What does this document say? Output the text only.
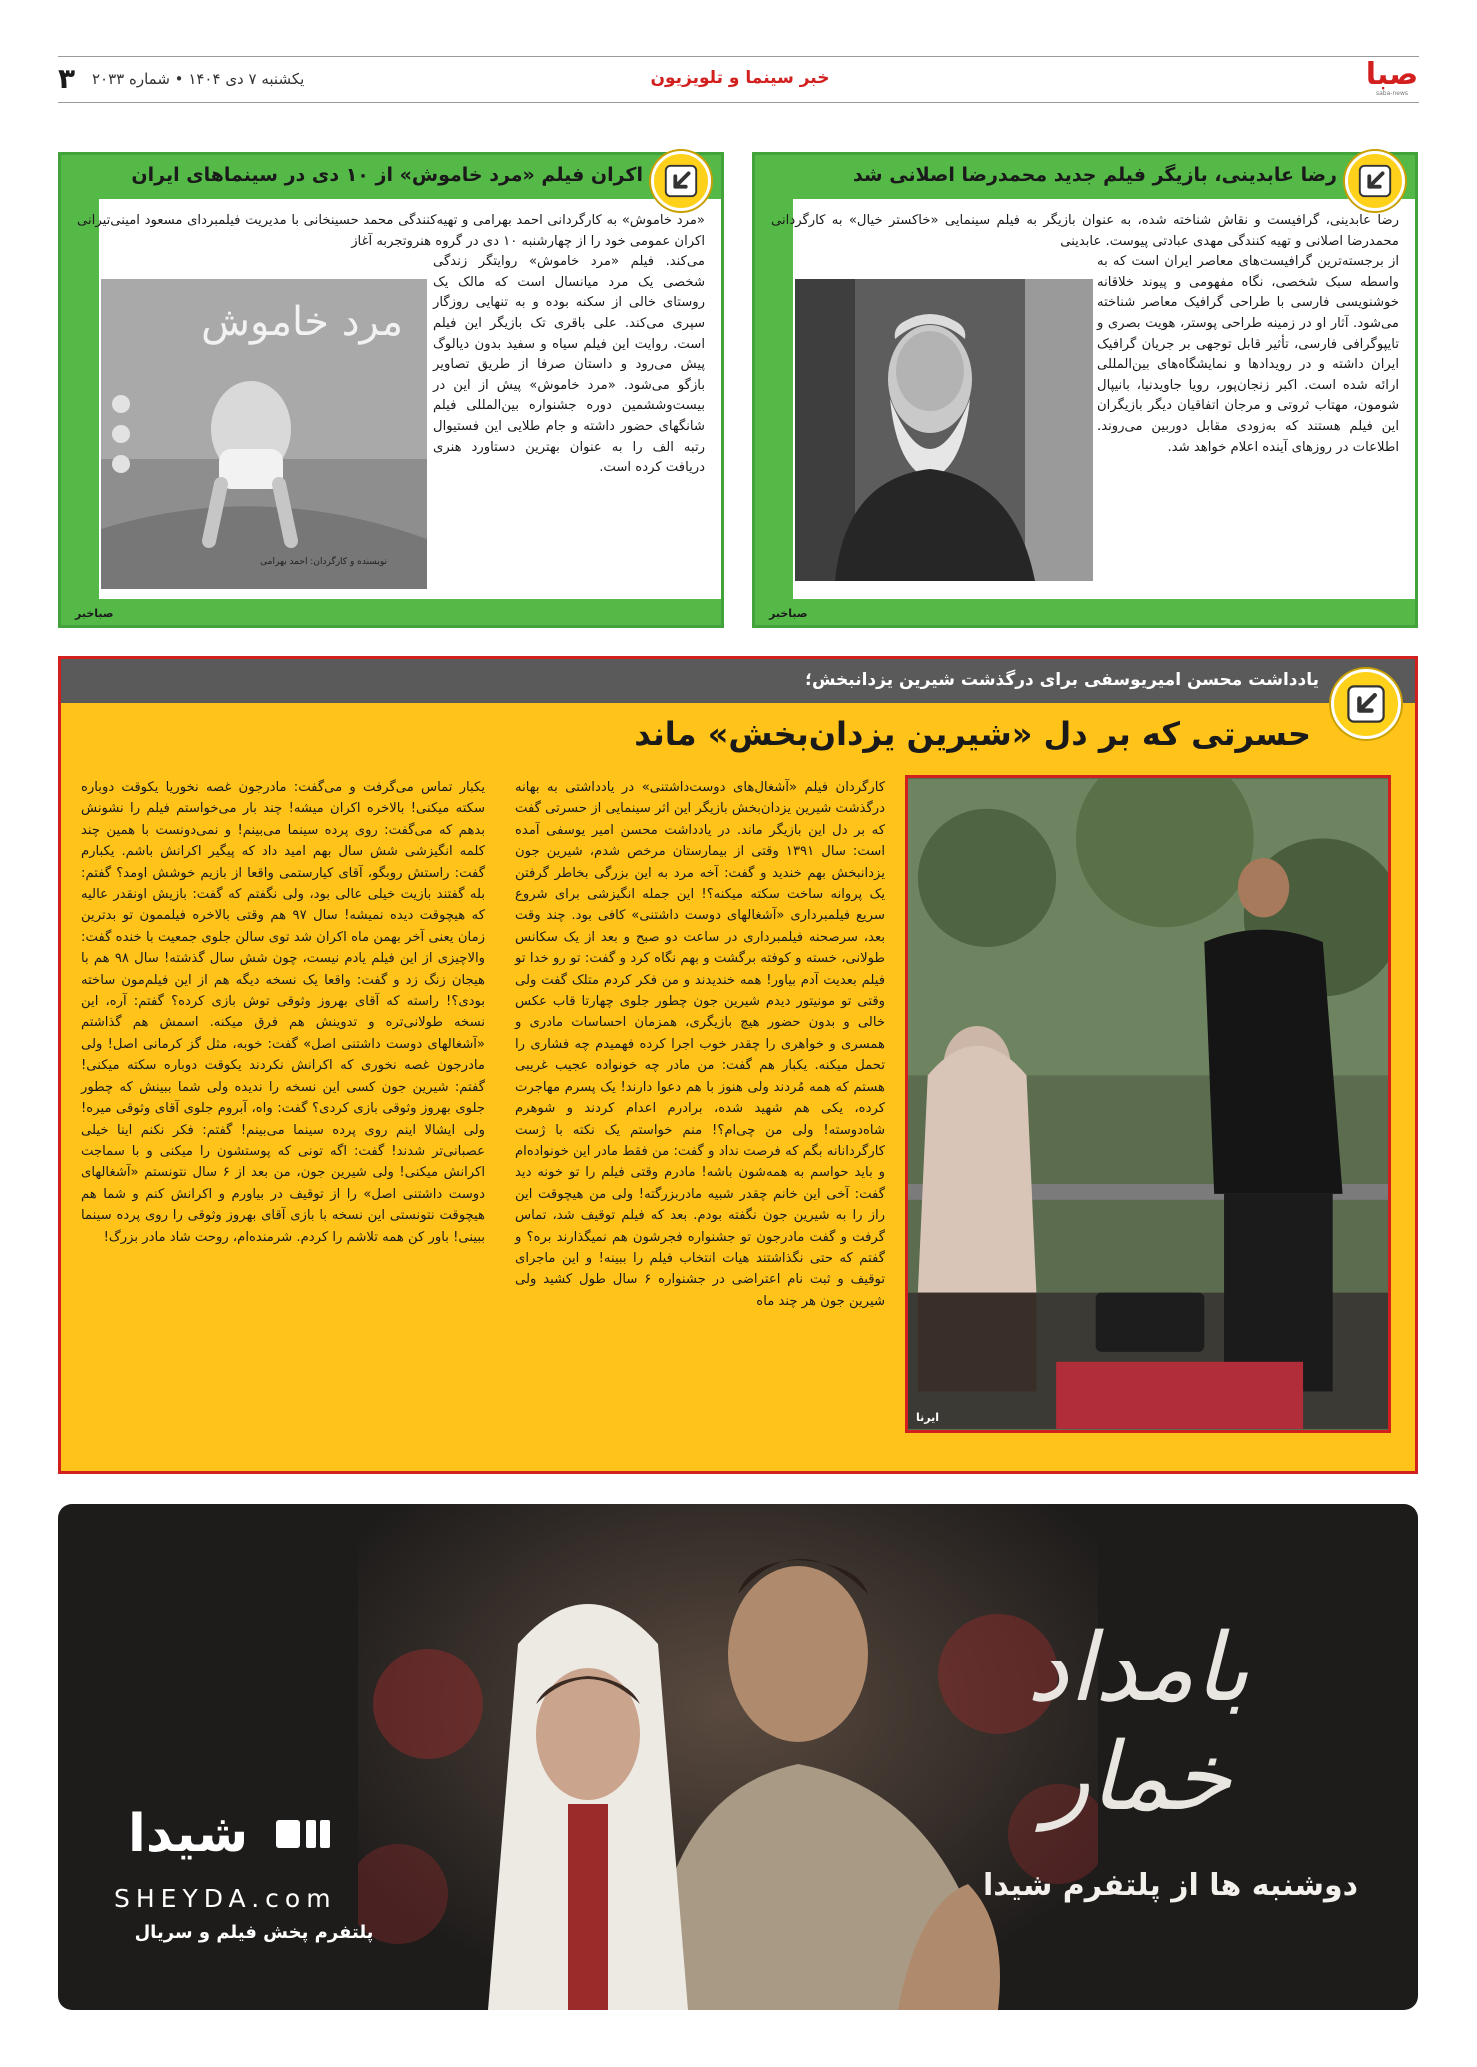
۳ یکشنبه ۷ دی ۱۴۰۴ • شماره ۲۰۳۳	خبر سینما و تلویزیون	صبا
saba-news
رضا عابدینی، بازیگر فیلم جدید محمدرضا اصلانی شد

رضا عابدینی، گرافیست و نقاش شناخته شده، به عنوان بازیگر به فیلم سینمایی «خاکستر خیال» به کارگردانی محمدرضا اصلانی و تهیه کنندگی مهدی عبادتی پیوست. عابدینی

از برجسته‌ترین گرافیست‌های معاصر ایران است که به واسطه سبک شخصی، نگاه مفهومی و پیوند خلاقانه خوشنویسی فارسی با طراحی گرافیک معاصر شناخته می‌شود. آثار او در زمینه طراحی پوستر، هویت بصری و تایپوگرافی فارسی، تأثیر قابل توجهی بر جریان گرافیک ایران داشته و در رویدادها و نمایشگاه‌های بین‌المللی ارائه شده است. اکبر زنجان‌پور، رویا جاویدنیا، بانیپال شومون، مهتاب ثروتی و مرجان اتفاقیان دیگر بازیگران این فیلم هستند که به‌زودی مقابل دوربین می‌روند. اطلاعات در روزهای آینده اعلام خواهد شد.

صباخبر
اکران فیلم «مرد خاموش» از ۱۰ دی در سینماهای ایران

«مرد خاموش» به کارگردانی احمد بهرامی و تهیه‌کنندگی محمد حسینخانی با مدیریت فیلمبردای مسعود امینی‌تیرانی اکران عمومی خود را از چهارشنبه ۱۰ دی در گروه هنروتجربه آغاز

می‌کند. فیلم «مرد خاموش» روایتگر زندگی شخصی یک مرد میانسال است که مالک یک روستای خالی از سکنه بوده و به تنهایی روزگار سپری می‌کند. علی باقری تک بازیگر این فیلم است. روایت این فیلم سیاه و سفید بدون دیالوگ پیش می‌رود و داستان صرفا از طریق تصاویر بازگو می‌شود. «مرد خاموش» پیش از این در بیست‌وششمین دوره جشنواره بین‌المللی فیلم شانگهای حضور داشته و جام طلایی این فستیوال رتبه الف را به عنوان بهترین دستاورد هنری دریافت کرده است.

مرد خاموش
نویسنده و کارگردان: احمد بهرامی
صباخبر
یادداشت محسن امیریوسفی برای درگذشت شیرین یزدانبخش؛
حسرتی که بر دل «شیرین یزدان‌بخش» ماند
ایرنا
کارگردان فیلم «آشغال‌های دوست‌داشتنی» در یادداشتی به بهانه درگذشت شیرین یزدان‌بخش بازیگر این اثر سینمایی از حسرتی گفت که بر دل این بازیگر ماند. در یادداشت محسن امیر یوسفی آمده است: سال ۱۳۹۱ وقتی از بیمارستان مرخص شدم، شیرین جون یزدانبخش بهم خندید و گفت: آخه مرد به این بزرگی بخاطر گرفتن یک پروانه ساخت سکته میکنه؟! این جمله انگیزشی برای شروع سریع فیلمبرداری «آشغالهای دوست داشتنی» کافی بود. چند وقت بعد، سرصحنه فیلمبرداری در ساعت دو صبح و بعد از یک سکانس طولانی، خسته و کوفته برگشت و بهم نگاه کرد و گفت: تو رو خدا تو فیلم بعدیت آدم بیاور! همه خندیدند و من فکر کردم متلک گفت ولی وقتی تو مونیتور دیدم شیرین جون چطور جلوی چهارتا قاب عکس خالی و بدون حضور هیچ بازیگری، همزمان احساسات مادری و همسری و خواهری را چقدر خوب اجرا کرده فهمیدم چه فشاری را تحمل میکنه. یکبار هم گفت: من مادر چه خونواده عجیب غریبی هستم که همه مُردند ولی هنوز با هم دعوا دارند! یک پسرم مهاجرت کرده، یکی هم شهید شده، برادرم اعدام کردند و شوهرم شاه‌دوسته! ولی من چی‌ام؟! منم خواستم یک نکته با ژست کارگردانانه بگم که فرصت نداد و گفت: من فقط مادر این خونواده‌ام و باید حواسم به همه‌شون باشه! مادرم وقتی فیلم را تو خونه دید گفت: آخی این خانم چقدر شبیه مادربزرگته! ولی من هیچوقت این راز را به شیرین جون نگفته بودم. بعد که فیلم توقیف شد، تماس گرفت و گفت مادرجون تو جشنواره فجرشون هم نمیگذارند بره؟ و گفتم که حتی نگذاشتند هیات انتخاب فیلم را ببینه! و این ماجرای توقیف و ثبت نام اعتراضی در جشنواره ۶ سال طول کشید ولی شیرین جون هر چند ماه
یکبار تماس می‌گرفت و می‌گفت: مادرجون غصه نخوریا یکوقت دوباره سکته میکنی! بالاخره اکران میشه! چند بار می‌خواستم فیلم را نشونش بدهم که می‌گفت: روی پرده سینما می‌بینم! و نمی‌دونست با همین چند کلمه انگیزشی شش سال بهم امید داد که پیگیر اکرانش باشم. یکبارم گفت: راستش روبگو، آقای کیارستمی واقعا از بازیم خوشش اومد؟ گفتم: بله گفتند بازیت خیلی عالی بود، ولی نگفتم که گفت: بازیش اونقدر عالیه که هیچوقت دیده نمیشه! سال ۹۷ هم وقتی بالاخره فیلممون تو بدترین زمان یعنی آخر بهمن ماه اکران شد توی سالن جلوی جمعیت با خنده گفت: والاچیزی از این فیلم یادم نیست، چون شش سال گذشته! سال ۹۸ هم با هیجان زنگ زد و گفت: واقعا یک نسخه دیگه هم از این فیلم‌مون ساخته بودی؟! راسته که آقای بهروز وثوقی توش بازی کرده؟ گفتم: آره، این نسخه طولانی‌تره و تدوینش هم فرق میکنه. اسمش هم گذاشتم «آشغالهای دوست داشتنی اصل» گفت: خوبه، مثل گز کرمانی اصل! ولی مادرجون غصه نخوری که اکرانش نکردند یکوقت دوباره سکته میکنی! گفتم: شیرین جون کسی این نسخه را ندیده ولی شما ببینش که چطور جلوی بهروز وثوقی بازی کردی؟ گفت: واه، آبروم جلوی آقای وثوقی میره! ولی ایشالا اینم روی پرده سینما می‌بینم! گفتم: فکر نکنم اینا خیلی عصبانی‌تر شدند! گفت: اگه تونی که پوستشون را میکنی و با سماجت اکرانش میکنی! ولی شیرین جون، من بعد از ۶ سال نتونستم «آشغالهای دوست داشتنی اصل» را از توقیف در بیاورم و اکرانش کنم و شما هم هیچوقت نتونستی این نسخه با بازی آقای بهروز وثوقی را روی پرده سینما ببینی! باور کن همه تلاشم را کردم. شرمنده‌ام، روحت شاد مادر بزرگ!
بامداد خمار
دوشنبه ها از پلتفرم شیدا
شیدا
SHEYDA.com
پلتفرم پخش فیلم و سریال
